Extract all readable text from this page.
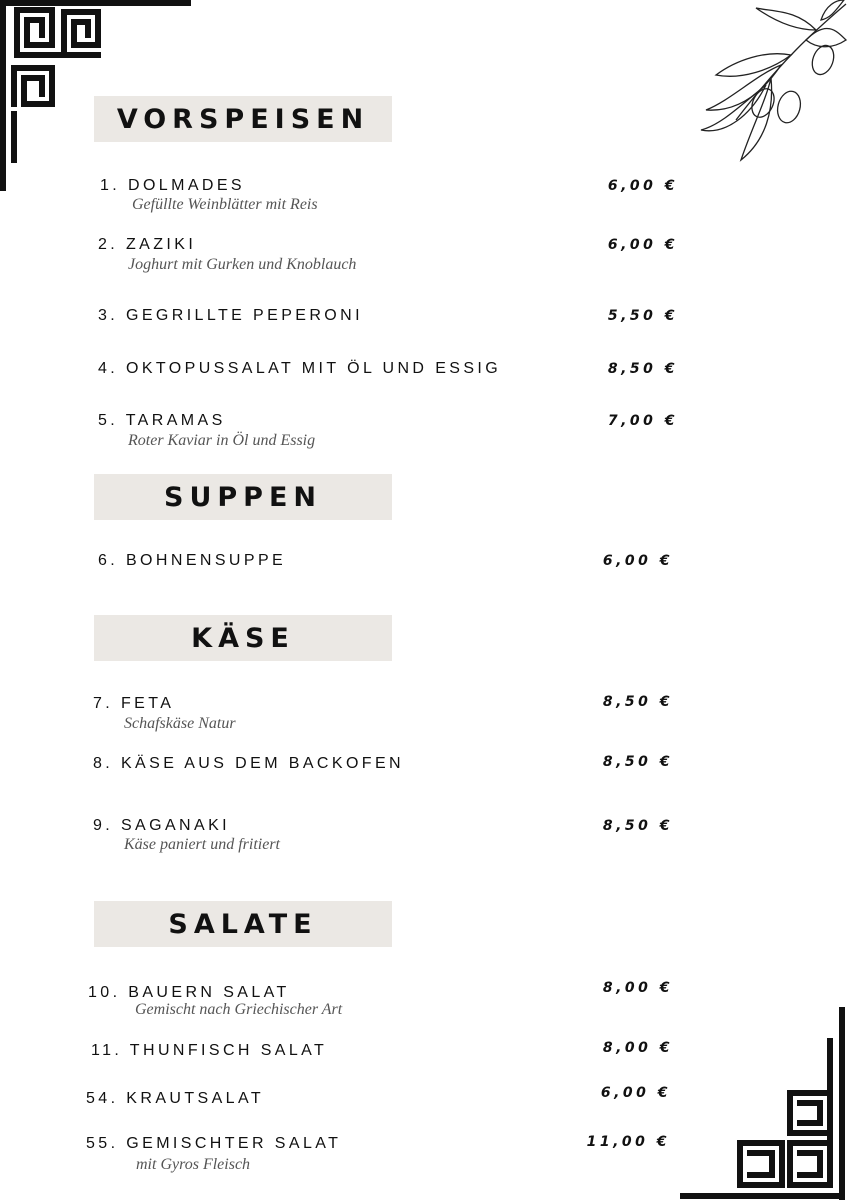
VORSPEISEN
1. DOLMADES
Gefüllte Weinblätter mit Reis
6,00 €
2. ZAZIKI
Joghurt mit Gurken und Knoblauch
6,00 €
3. GEGRILLTE PEPERONI	5,50 €
4. OKTOPUSSALAT MIT ÖL UND ESSIG	8,50 €
5. TARAMAS
Roter Kaviar in Öl und Essig
7,00 €
SUPPEN
6. BOHNENSUPPE	6,00 €
KÄSE
7. FETA
Schafskäse Natur
8,50 €
8. KÄSE AUS DEM BACKOFEN	8,50 €
9. SAGANAKI
Käse paniert und fritiert
8,50 €
SALATE
10. BAUERN SALAT
Gemischt nach Griechischer Art
8,00 €
11. THUNFISCH SALAT	8,00 €
54. KRAUTSALAT	6,00 €
55. GEMISCHTER SALAT
mit Gyros Fleisch
11,00 €
